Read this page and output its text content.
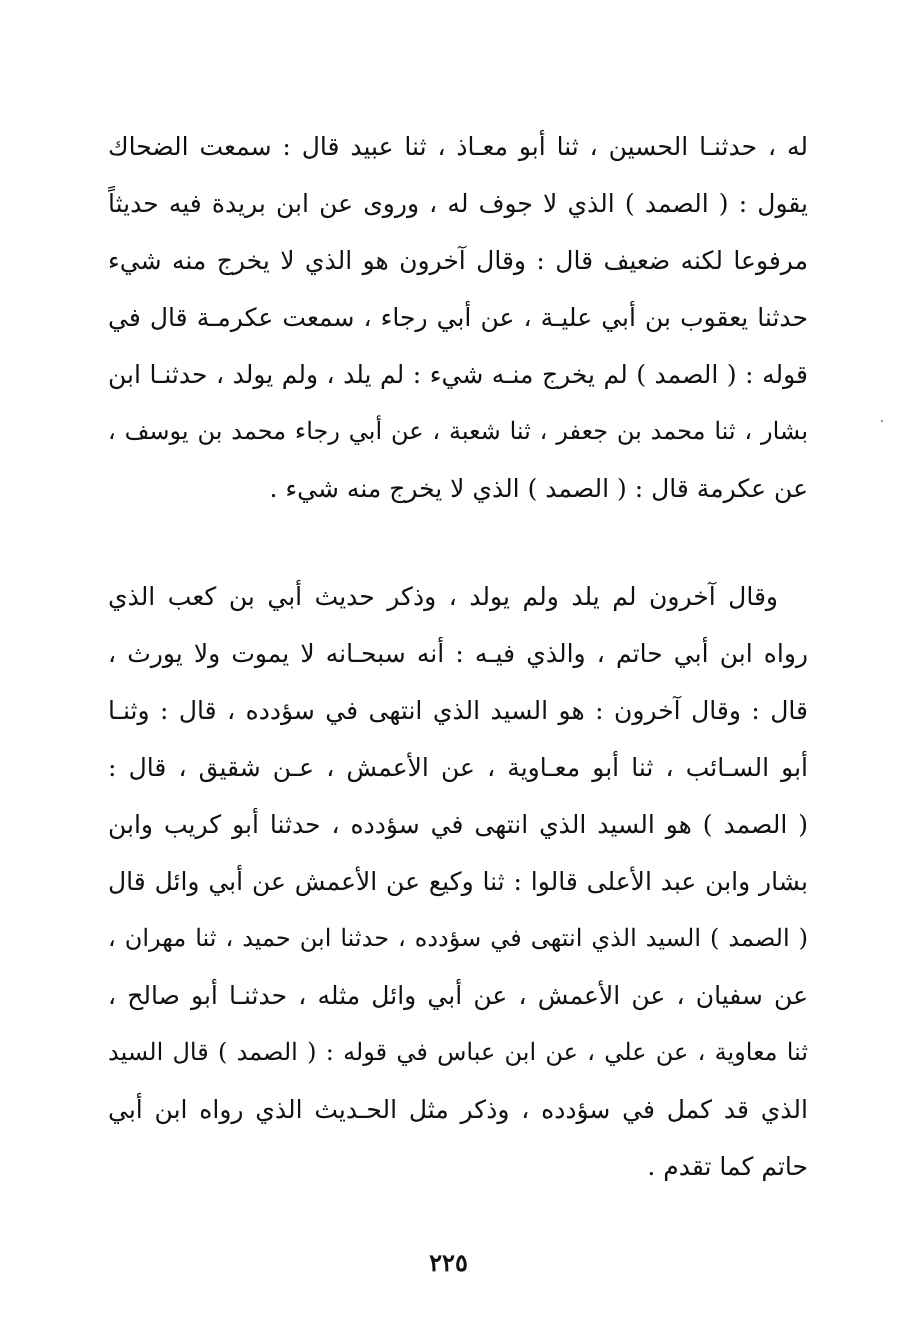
له ، حدثنـا الحسين ، ثنا أبو معـاذ ، ثنا عبيد قال : سمعت الضحاك
يقول : ( الصمد ) الذي لا جوف له ، وروى عن ابن بريدة فيه حديثاً
مرفوعا لكنه ضعيف قال : وقال آخرون هو الذي لا يخرج منه شيء
حدثنا يعقوب بن أبي عليـة ، عن أبي رجاء ، سمعت عكرمـة قال في
قوله : ( الصمد ) لم يخرج منـه شيء : لم يلد ، ولم يولد ، حدثنـا ابن
بشار ، ثنا محمد بن جعفر ، ثنا شعبة ، عن أبي رجاء محمد بن يوسف ،
عن عكرمة قال : ( الصمد ) الذي لا يخرج منه شيء .
وقال آخرون لم يلد ولم يولد ، وذكر حديث أبي بن كعب الذي
رواه ابن أبي حاتم ، والذي فيـه : أنه سبحـانه لا يموت ولا يورث ،
قال : وقال آخرون : هو السيد الذي انتهى في سؤدده ، قال : وثنـا
أبو السـائب ، ثنا أبو معـاوية ، عن الأعمش ، عـن شقيق ، قال :
( الصمد ) هو السيد الذي انتهى في سؤدده ، حدثنا أبو كريب وابن
بشار وابن عبد الأعلى قالوا : ثنا وكيع عن الأعمش عن أبي وائل قال
( الصمد ) السيد الذي انتهى في سؤدده ، حدثنا ابن حميد ، ثنا مهران ،
عن سفيان ، عن الأعمش ، عن أبي وائل مثله ، حدثنـا أبو صالح ،
ثنا معاوية ، عن علي ، عن ابن عباس في قوله : ( الصمد ) قال السيد
الذي قد كمل في سؤدده ، وذكر مثل الحـديث الذي رواه ابن أبي
حاتم كما تقدم .
٢٢٥
